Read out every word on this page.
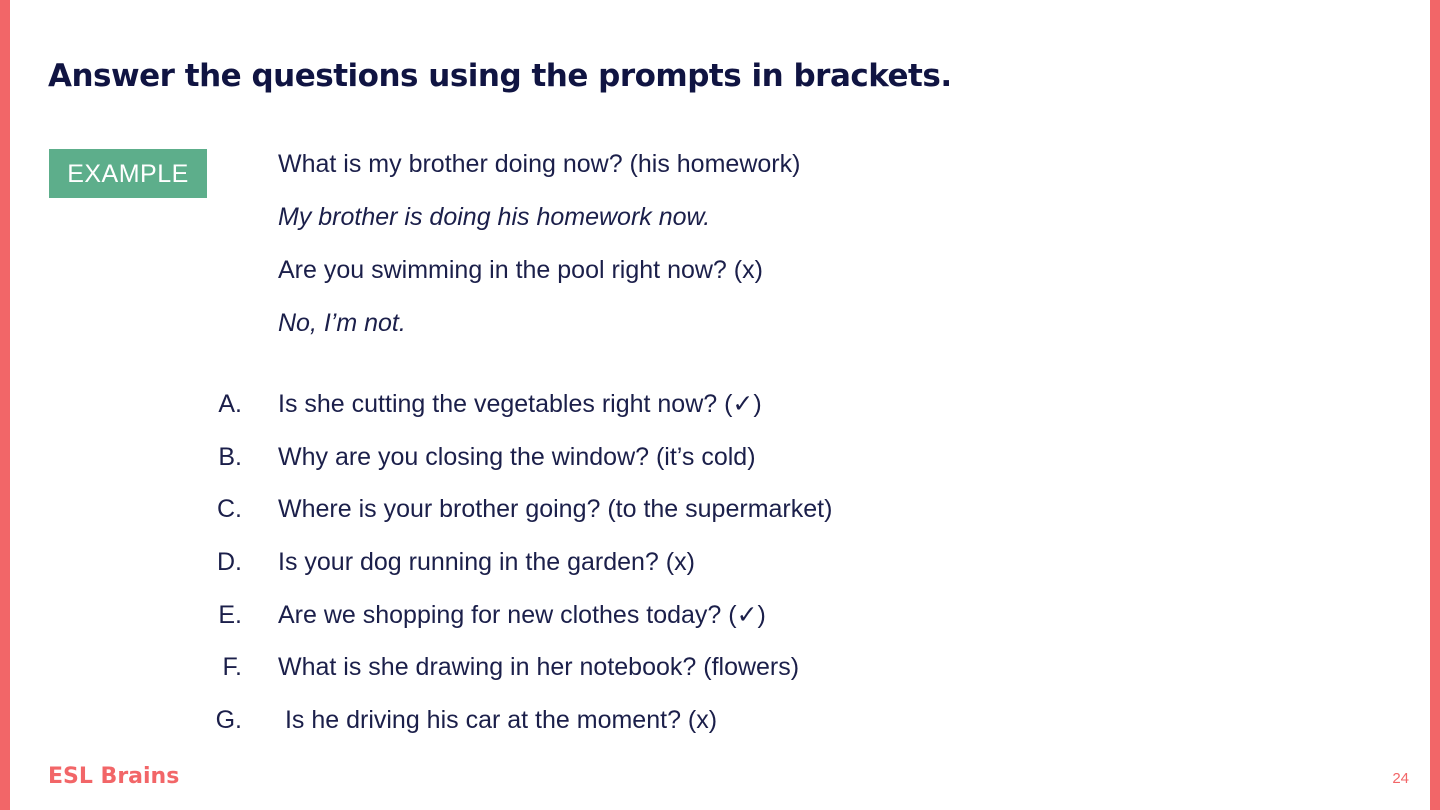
Answer the questions using the prompts in brackets.
EXAMPLE	What is my brother doing now? (his homework)
My brother is doing his homework now.
Are you swimming in the pool right now? (x)
No, I’m not.
A. Is she cutting the vegetables right now? (✓)
B. Why are you closing the window? (it’s cold)
C. Where is your brother going? (to the supermarket)
D. Is your dog running in the garden? (x)
E. Are we shopping for new clothes today? (✓)
F. What is she drawing in her notebook? (flowers)
G. Is he driving his car at the moment? (x)
ESL Brains	24
